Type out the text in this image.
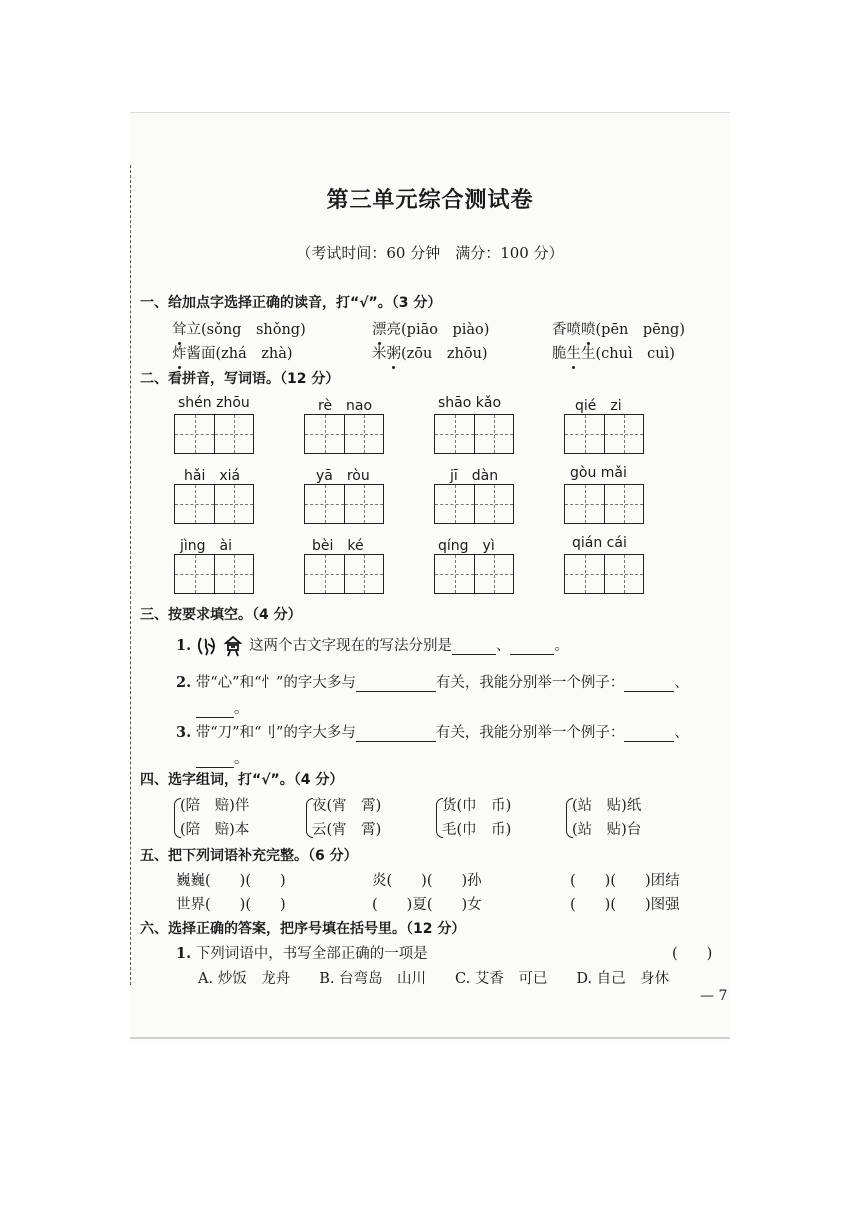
第三单元综合测试卷
（考试时间：60 分钟　满分：100 分）
一、给加点字选择正确的读音，打“√”。（3 分）
耸立(sǒng　shǒng)	漂亮(piāo　piào)	香喷喷(pēn　pēng)
炸酱面(zhá　zhà)	米粥(zōu　zhōu)	脆生生(chuì　cuì)
二、看拼音，写词语。（12 分）
shén zhōu	rè　nao	shāo kǎo	qié　zi
hǎi　xiá	yā　ròu	jī　dàn	gòu mǎi
jìng　ài	bèi　ké	qíng　yì	qián cái
三、按要求填空。（4 分）
1.	这两个古文字现在的写法分别是	、	。
2. 带“心”和“忄”的字大多与	有关，我能分别举一个例子：	、
。
3. 带“刀”和“刂”的字大多与	有关，我能分别举一个例子：	、
。
四、选字组词，打“√”。（4 分）
(陪　赔)伴
(陪　赔)本
夜(宵　霄)
云(宵　霄)
货(巾　币)
毛(巾　币)
(站　贴)纸
(站　贴)台
五、把下列词语补充完整。（6 分）
巍巍(　　)(　　)	炎(　　)(　　)孙	(　　)(　　)团结
世界(　　)(　　)	(　　)夏(　　)女	(　　)(　　)图强
六、选择正确的答案，把序号填在括号里。（12 分）
1. 下列词语中，书写全部正确的一项是	(　　)
A. 炒饭　龙舟　　B. 台弯岛　山川　　C. 艾香　可已　　D. 自己　身休
— 7
